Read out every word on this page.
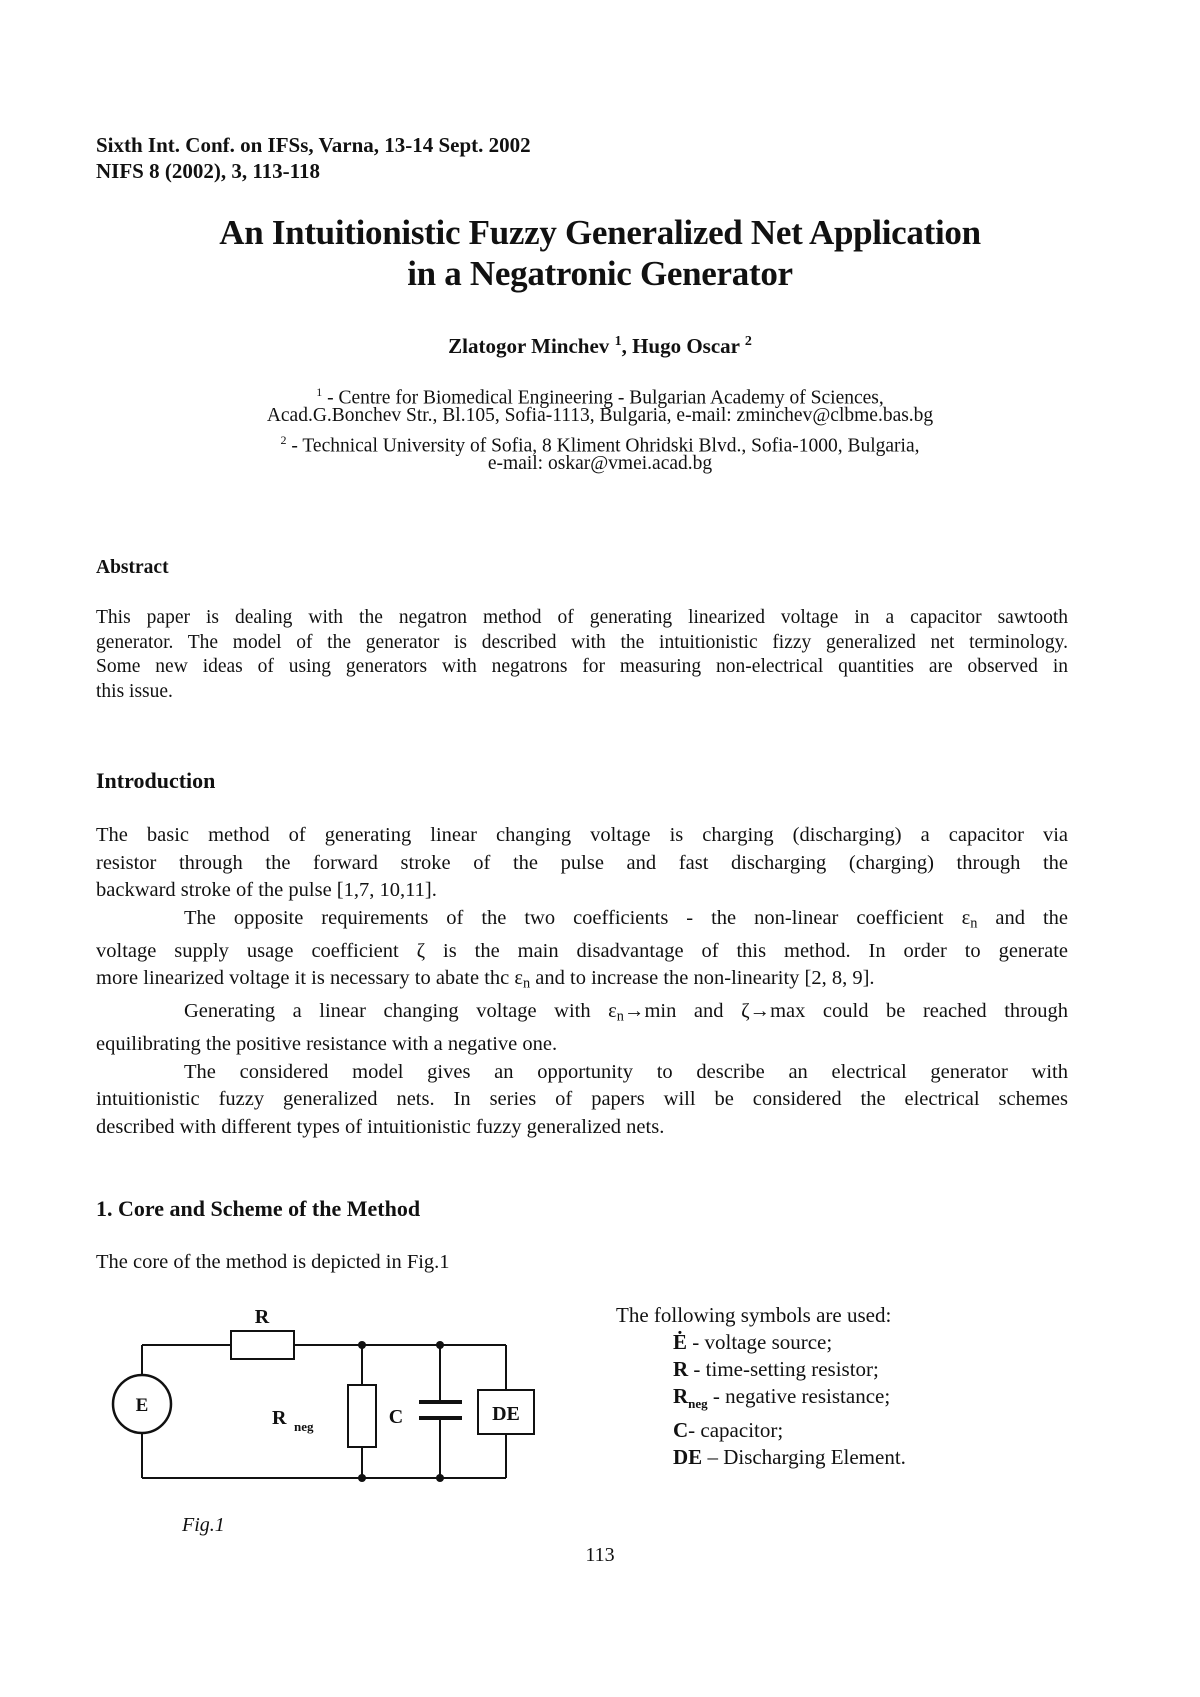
Sixth Int. Conf. on IFSs, Varna, 13-14 Sept. 2002
NIFS 8 (2002), 3, 113-118
An Intuitionistic Fuzzy Generalized Net Application
in a Negatronic Generator
Zlatogor Minchev $^1$, Hugo Oscar $^2$
$^1$ - Centre for Biomedical Engineering - Bulgarian Academy of Sciences,
Acad.G.Bonchev Str., Bl.105, Sofia-1113, Bulgaria, e-mail: zminchev@clbme.bas.bg
$^2$ - Technical University of Sofia, 8 Kliment Ohridski Blvd., Sofia-1000, Bulgaria,
e-mail: oskar@vmei.acad.bg
Abstract
This paper is dealing with the negatron method of generating linearized voltage in a capacitor sawtooth
generator. The model of the generator is described with the intuitionistic fizzy generalized net terminology.
Some new ideas of using generators with negatrons for measuring non-electrical quantities are observed in
this issue.
Introduction
The basic method of generating linear changing voltage is charging (discharging) a capacitor via
resistor through the forward stroke of the pulse and fast discharging (charging) through the
backward stroke of the pulse [1,7, 10,11].
The opposite requirements of the two coefficients - the non-linear coefficient $\varepsilon_n$ and the
voltage supply usage coefficient ζ is the main disadvantage of this method. In order to generate
more linearized voltage it is necessary to abate thc $\varepsilon_n$ and to increase the non-linearity [2, 8, 9].
Generating a linear changing voltage with $\varepsilon_n\to\min$ and ζ→max could be reached through
equilibrating the positive resistance with a negative one.
The considered model gives an opportunity to describe an electrical generator with
intuitionistic fuzzy generalized nets. In series of papers will be considered the electrical schemes
described with different types of intuitionistic fuzzy generalized nets.
1. Core and Scheme of the Method
The core of the method is depicted in Fig.1
E
R
R neg	C	DE
Fig.1
The following symbols are used:
Ė - voltage source;
R - time-setting resistor;
$R_{neg}$ - negative resistance;
C- capacitor;
DE – Discharging Element.
113
